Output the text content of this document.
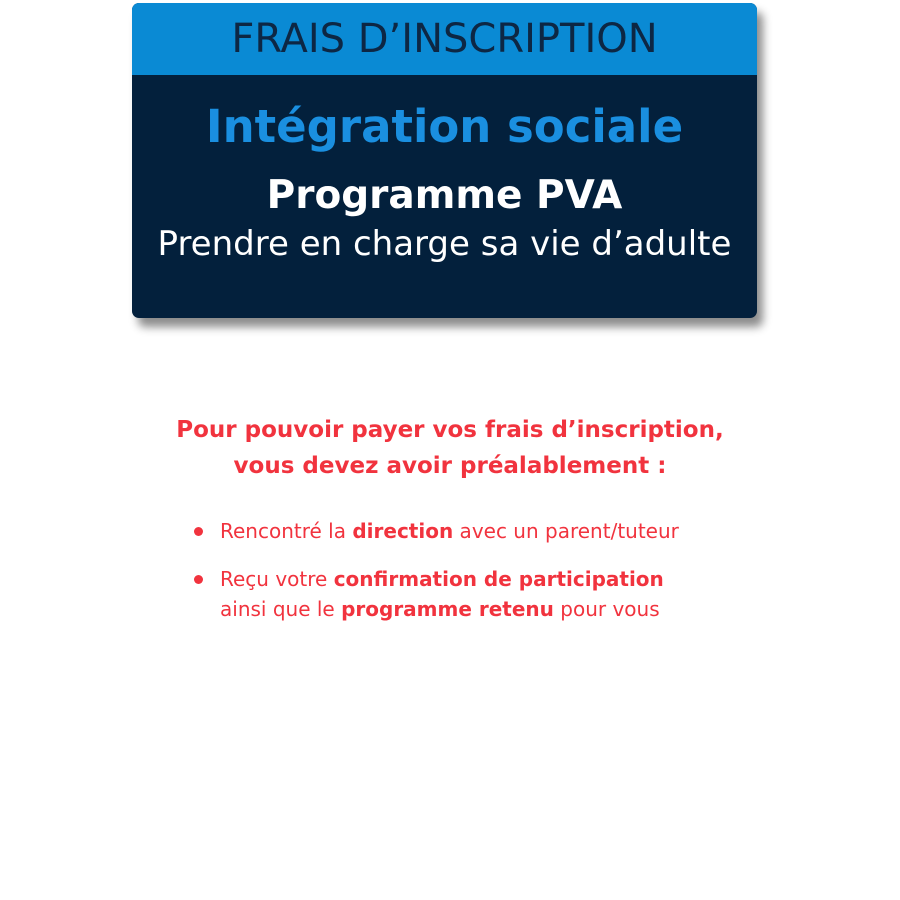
FRAIS D’INSCRIPTION
Intégration sociale
Programme PVA
Prendre en charge sa vie d’adulte
Pour pouvoir payer vos frais d’inscription,
vous devez avoir préalablement :
Rencontré la direction avec un parent/tuteur
Reçu votre confirmation de participation
ainsi que le programme retenu pour vous
